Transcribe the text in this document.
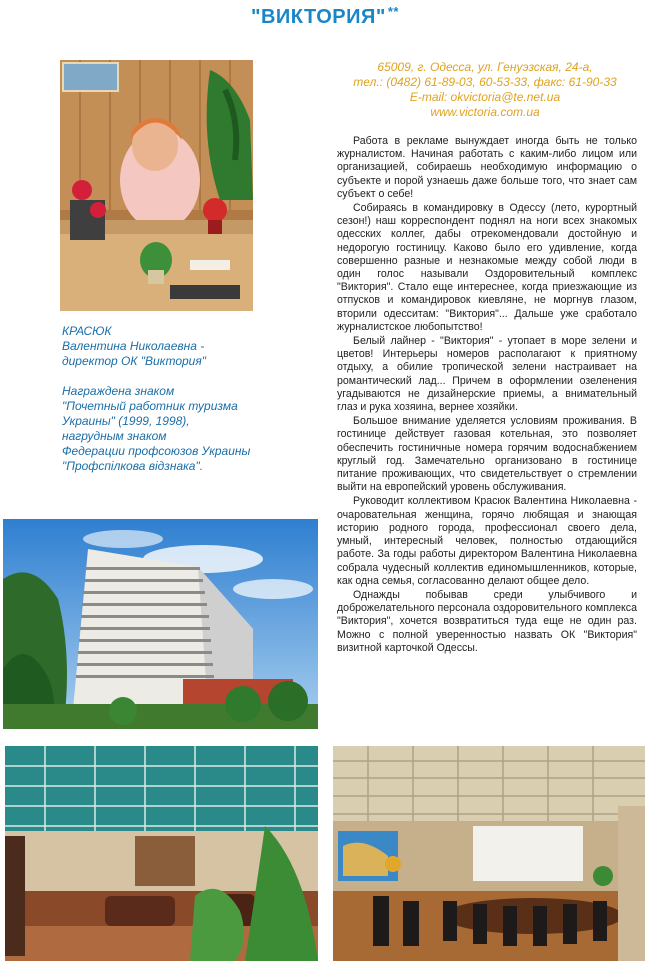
"ВИКТОРИЯ" **
65009, г. Одесса, ул. Генуэзская, 24-а,
тел.: (0482) 61-89-03, 60-53-33, факс: 61-90-33
E-mail: okvictoria@te.net.ua
www.victoria.com.ua

КРАСЮК

Валентина Николаевна -

директор ОК "Виктория"

Награждена знаком

"Почетный работник туризма

Украины" (1999, 1998),

нагрудным знаком

Федерации профсоюзов Украины

"Профспiлкова вiдзнака".

Работа в рекламе вынуждает иногда быть не только журналистом. Начиная работать с каким-либо лицом или организацией, собираешь необходимую информацию о субъекте и порой узнаешь даже больше того, что знает сам субъект о себе!

Собираясь в командировку в Одессу (лето, курортный сезон!) наш корреспондент поднял на ноги всех знакомых одесских коллег, дабы отрекомендовали достойную и недорогую гостиницу. Каково было его удивление, когда совершенно разные и незнакомые между собой люди в один голос называли Оздоровительный комплекс "Виктория". Стало еще интереснее, когда приезжающие из отпусков и командировок киевляне, не моргнув глазом, вторили одесситам: "Виктория"... Дальше уже сработало журналистское любопытство!

Белый лайнер - "Виктория" - утопает в море зелени и цветов! Интерьеры номеров располагают к приятному отдыху, а обилие тропической зелени настраивает на романтический лад... Причем в оформлении озеленения угадываются не дизайнерские приемы, а внимательный глаз и рука хозяина, вернее хозяйки.

Большое внимание уделяется условиям проживания. В гостинице действует газовая котельная, это позволяет обеспечить гостиничные номера горячим водоснабжением круглый год. Замечательно организовано в гостинице питание проживающих, что свидетельствует о стремлении выйти на европейский уровень обслуживания.

Руководит коллективом Красюк Валентина Николаевна - очаровательная женщина, горячо любящая и знающая историю родного города, профессионал своего дела, умный, интересный человек, полностью отдающийся работе. За годы работы директором Валентина Николаевна собрала чудесный коллектив единомышленников, которые, как одна семья, согласованно делают общее дело.

Однажды побывав среди улыбчивого и доброжелательного персонала оздоровительного комплекса "Виктория", хочется возвратиться туда еще не один раз. Можно с полной уверенностью назвать ОК "Виктория" визитной карточкой Одессы.
